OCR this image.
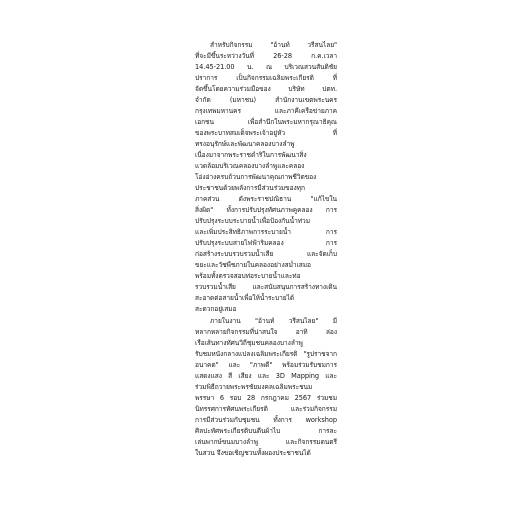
สำหรับกิจกรรม "อ้านท์ วรีสนไลย"
ที่จะมีขึ้นระหว่างวันที่ 26-28 ก.ค.เวลา
14.45-21.00 น. ณ บริเวณสวนสันติชัย
ปราการ เป็นกิจกรรมเฉลิมพระเกียรติ ที่
จัดขึ้นโดยความร่วมมือของ บริษัท ปตท.
จำกัด (มหาชน) สำนักงานเขตพระนคร
กรุงเทพมหานคร และภาคีเครือข่ายภาค
เอกชน เพื่อสำนึกในพระมหากรุณาธิคุณ
ของพระบาทสมเด็จพระเจ้าอยู่หัว ที่
ทรงอนุรักษ์และพัฒนาคลองบางลำพู
เนื่องมาจากพระราชดำริในการพัฒนาสิ่ง
แวดล้อมบริเวณคลองบางลำพูและคลอง
โอ่งอ่างครบถ้วนการพัฒนาคุณภาพชีวิตของ
ประชาชนด้วยพลังการมีส่วนร่วมของทุก
ภาคส่วน ดังพระราชปณิธาน "แก้ไขใน
สิ่งผิด" ทั้งการปรับปรุงทัศนภาพคูคลอง การ
ปรับปรุงระบบระบายน้ำเพื่อป้องกันน้ำท่วม
และเพิ่มประสิทธิภาพการระบายน้ำ การ
ปรับปรุงระบบสายไฟฟ้าริมคลอง การ
ก่อสร้างระบบรวบรวมน้ำเสีย และจัดเก็บ
ขยะและวัชพืชภายในคลองอย่างสม่ำเสมอ
พร้อมทั้งตรวจสอบท่อระบายน้ำและท่อ
รวบรวมน้ำเสีย และสนับสนุนการสร้างทางเดิน
สะอาดต่อสายน้ำเพื่อให้น้ำระบายได้
สะดวกอยู่เสมอ
ภายในงาน "อ้านท์ วรีสนไลย" มี
หลากหลายกิจกรรมที่น่าสนใจ อาทิ ล่อง
เรือเส้นทางทัศนวิถีชุมชนคลองบางลำพู
รับชมหนังกลางแปลงเฉลิมพระเกียรติ "รูปราชจาก
อนาคต" และ "ภาพดี" พร้อมร่วมรับชมการ
แสดงแสง สี เสียง และ 3D Mapping และ
ร่วมพิธีถวายพระพรชัยมงคลเฉลิมพระชนม
พรรษา 6 รอบ 28 กรกฎาคม 2567 ร่วมชม
นิทรรศการทัศนพระเกียรติ และร่วมกิจกรรม
การมีส่วนร่วมกับชุมชน ทั้งการ workshop
ศิลปะทัศพระเกียรติบนตีนผ้าไบ การละ
เล่นพากษ์ขนมบางลำพู และกิจกรรมดนตรี
ในสวน จึงขอเชิญชวนทั้งผองประชาชนได้
